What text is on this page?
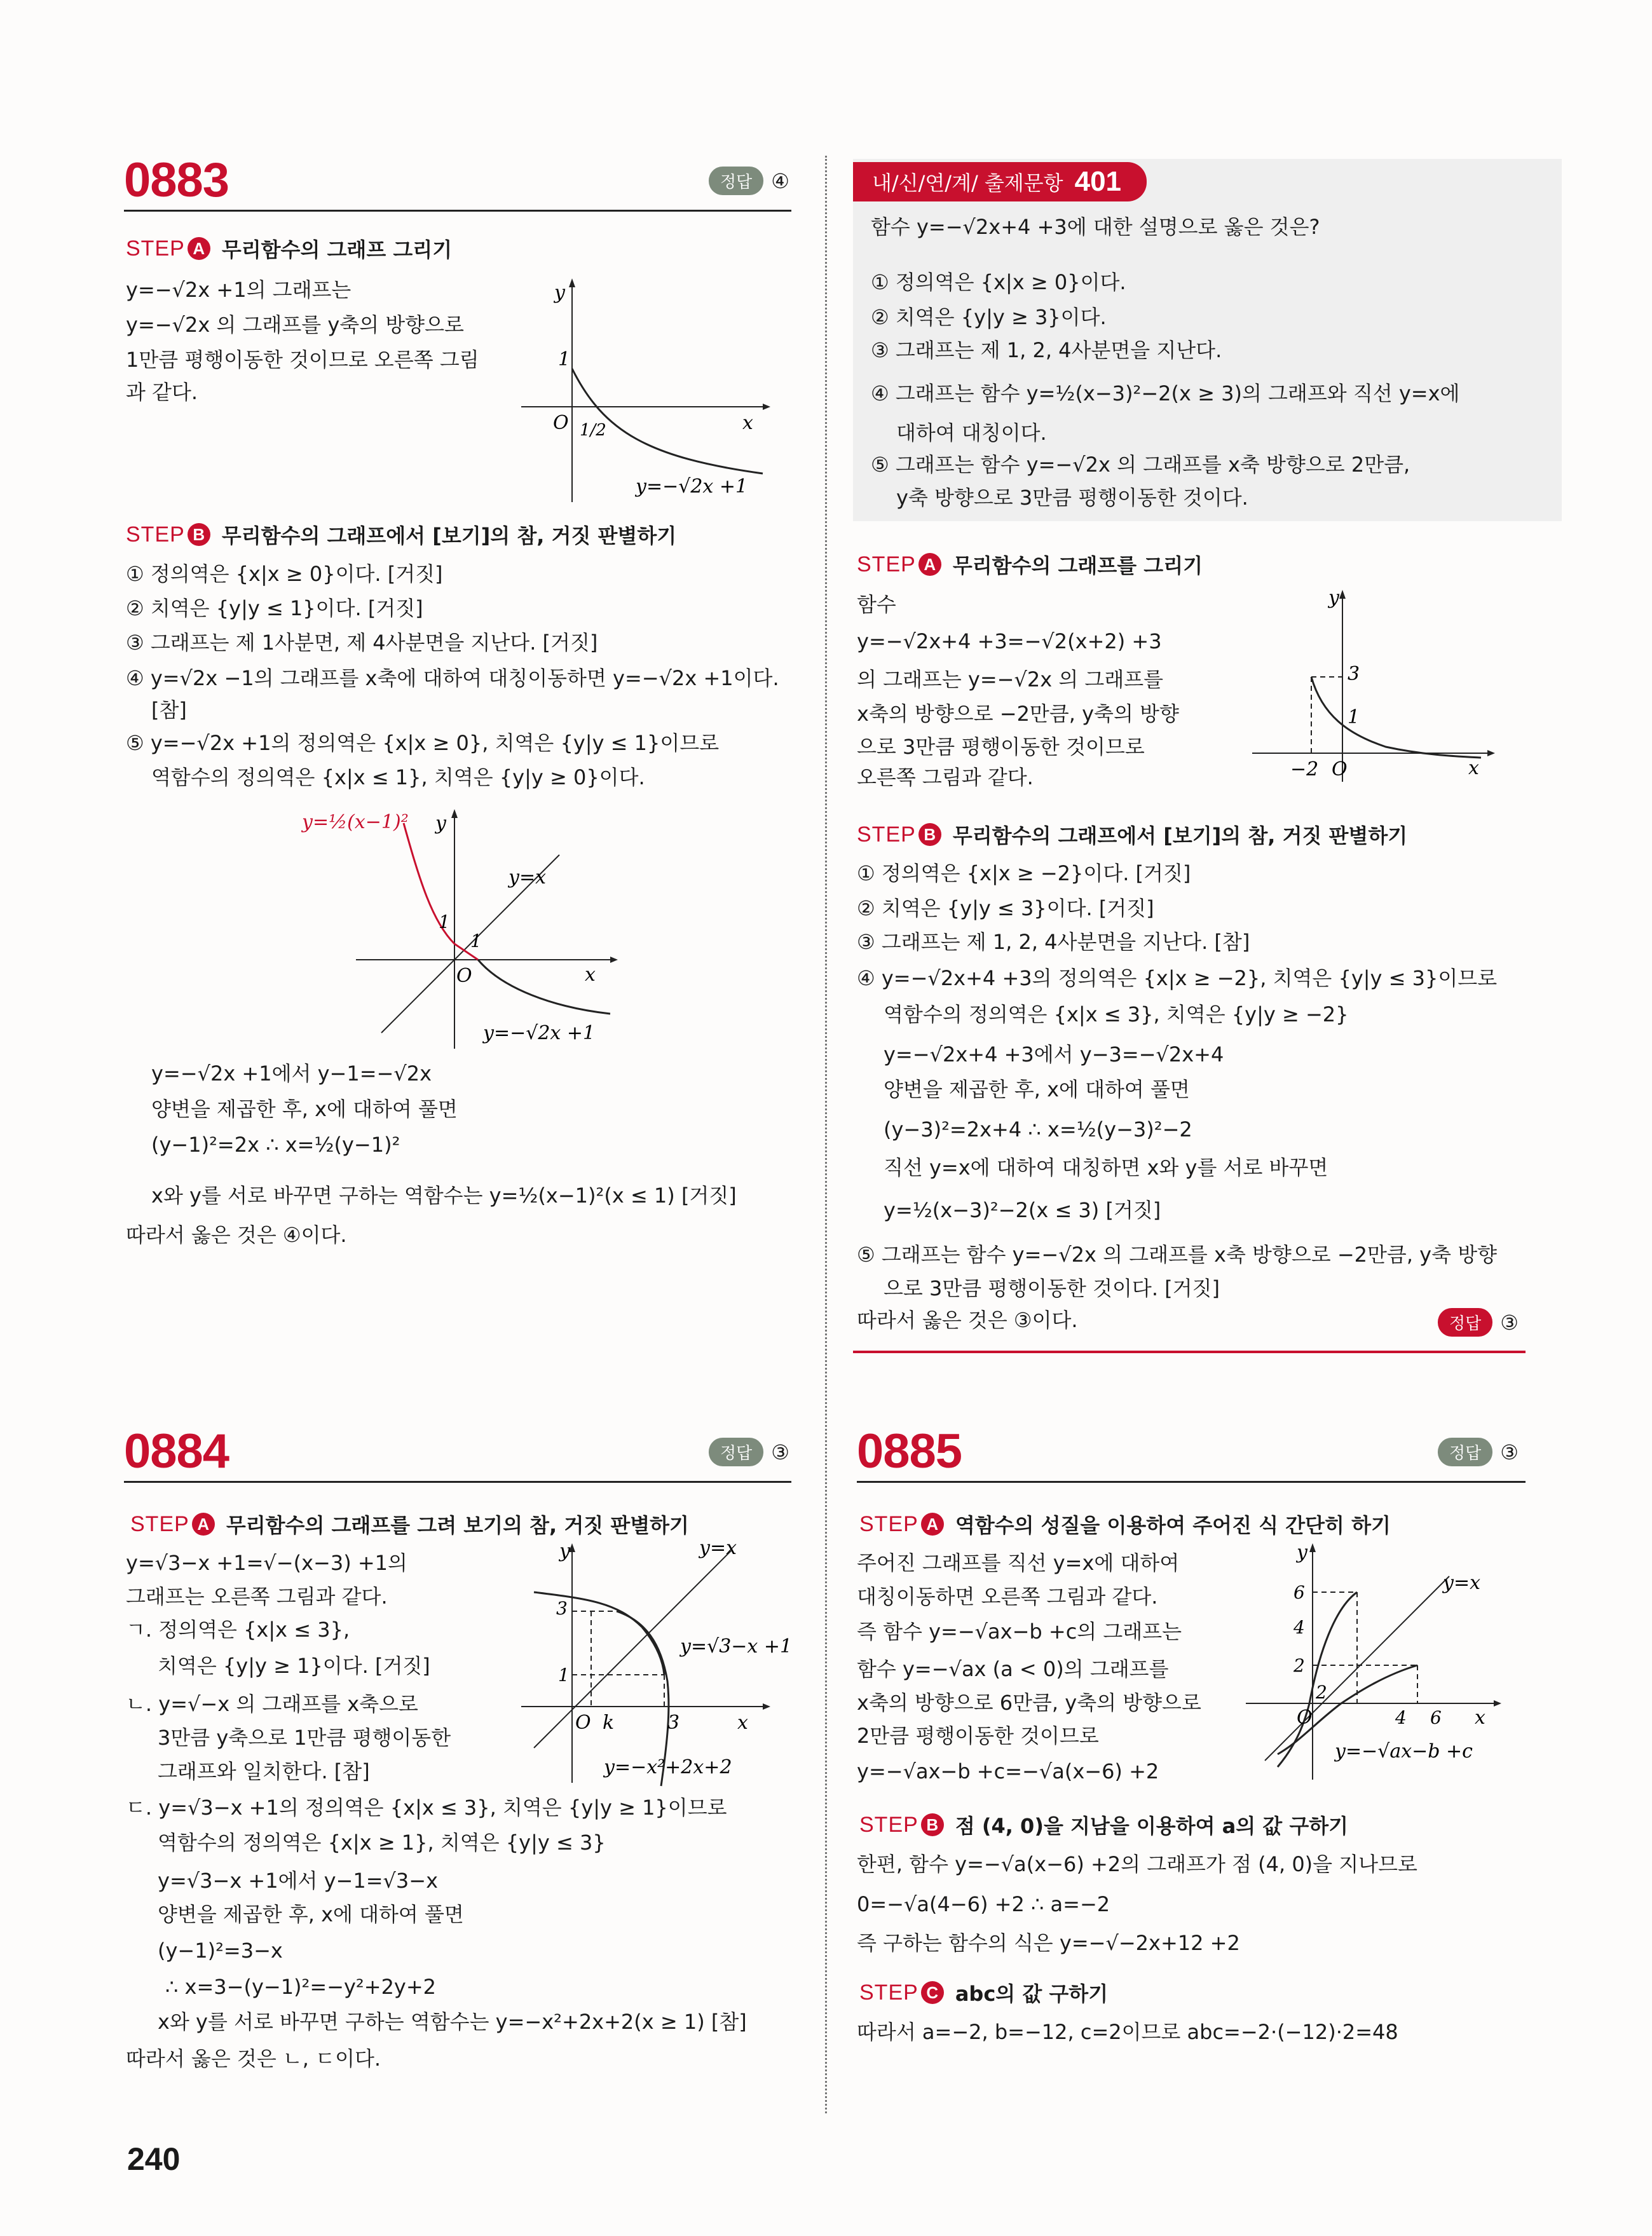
0883	정답 ④
STEP A 무리함수의 그래프 그리기
y=−√2x +1의 그래프는
y=−√2x 의 그래프를 y축의 방향으로
1만큼 평행이동한 것이므로 오른쪽 그림
과 같다.
y
x
O
1
1/2
y=−√2x +1
STEP B 무리함수의 그래프에서 [보기]의 참, 거짓 판별하기
① 정의역은 {x|x ≥ 0}이다. [거짓]
② 치역은 {y|y ≤ 1}이다. [거짓]
③ 그래프는 제 1사분면, 제 4사분면을 지난다. [거짓]
④ y=√2x −1의 그래프를 x축에 대하여 대칭이동하면 y=−√2x +1이다.
[참]
⑤ y=−√2x +1의 정의역은 {x|x ≥ 0}, 치역은 {y|y ≤ 1}이므로
역함수의 정의역은 {x|x ≤ 1}, 치역은 {y|y ≥ 0}이다.
y=½(x−1)² y
y=x
1
1
O	x
y=−√2x +1
y=−√2x +1에서 y−1=−√2x
양변을 제곱한 후, x에 대하여 풀면
(y−1)²=2x ∴ x=½(y−1)²
x와 y를 서로 바꾸면 구하는 역함수는 y=½(x−1)²(x ≤ 1) [거짓]
따라서 옳은 것은 ④이다.
내/신/연/계/ 출제문항 401
함수 y=−√2x+4 +3에 대한 설명으로 옳은 것은?
① 정의역은 {x|x ≥ 0}이다.
② 치역은 {y|y ≥ 3}이다.
③ 그래프는 제 1, 2, 4사분면을 지난다.
④ 그래프는 함수 y=½(x−3)²−2(x ≥ 3)의 그래프와 직선 y=x에
대하여 대칭이다.
⑤ 그래프는 함수 y=−√2x 의 그래프를 x축 방향으로 2만큼,
y축 방향으로 3만큼 평행이동한 것이다.
STEP A 무리함수의 그래프를 그리기
함수
y=−√2x+4 +3=−√2(x+2) +3
의 그래프는 y=−√2x 의 그래프를
x축의 방향으로 −2만큼, y축의 방향
으로 3만큼 평행이동한 것이므로
오른쪽 그림과 같다.
y
x
3
1
−2 O
STEP B 무리함수의 그래프에서 [보기]의 참, 거짓 판별하기
① 정의역은 {x|x ≥ −2}이다. [거짓]
② 치역은 {y|y ≤ 3}이다. [거짓]
③ 그래프는 제 1, 2, 4사분면을 지난다. [참]
④ y=−√2x+4 +3의 정의역은 {x|x ≥ −2}, 치역은 {y|y ≤ 3}이므로
역함수의 정의역은 {x|x ≤ 3}, 치역은 {y|y ≥ −2}
y=−√2x+4 +3에서 y−3=−√2x+4
양변을 제곱한 후, x에 대하여 풀면
(y−3)²=2x+4 ∴ x=½(y−3)²−2
직선 y=x에 대하여 대칭하면 x와 y를 서로 바꾸면
y=½(x−3)²−2(x ≤ 3) [거짓]
⑤ 그래프는 함수 y=−√2x 의 그래프를 x축 방향으로 −2만큼, y축 방향
으로 3만큼 평행이동한 것이다. [거짓]
따라서 옳은 것은 ③이다.	정답 ③
0884	정답 ③
STEP A 무리함수의 그래프를 그려 보기의 참, 거짓 판별하기
y=√3−x +1=√−(x−3) +1의
그래프는 오른쪽 그림과 같다.
ㄱ. 정의역은 {x|x ≤ 3},
치역은 {y|y ≥ 1}이다. [거짓]
ㄴ. y=√−x 의 그래프를 x축으로
3만큼 y축으로 1만큼 평행이동한
그래프와 일치한다. [참]
ㄷ. y=√3−x +1의 정의역은 {x|x ≤ 3}, 치역은 {y|y ≥ 1}이므로
역함수의 정의역은 {x|x ≥ 1}, 치역은 {y|y ≤ 3}
y=√3−x +1에서 y−1=√3−x
양변을 제곱한 후, x에 대하여 풀면
(y−1)²=3−x
∴ x=3−(y−1)²=−y²+2y+2
x와 y를 서로 바꾸면 구하는 역함수는 y=−x²+2x+2(x ≥ 1) [참]
따라서 옳은 것은 ㄴ, ㄷ이다.
y	y=x
3
y=√3−x +1
1
O k	3	x
y=−x²+2x+2
0885	정답 ③
STEP A 역함수의 성질을 이용하여 주어진 식 간단히 하기
주어진 그래프를 직선 y=x에 대하여
대칭이동하면 오른쪽 그림과 같다.
즉 함수 y=−√ax−b +c의 그래프는
함수 y=−√ax (a < 0)의 그래프를
x축의 방향으로 6만큼, y축의 방향으로
2만큼 평행이동한 것이므로
y=−√ax−b +c=−√a(x−6) +2
y
6
4
y=x
2
2
O	4 6 x
y=−√ax−b +c
STEP B 점 (4, 0)을 지남을 이용하여 a의 값 구하기
한편, 함수 y=−√a(x−6) +2의 그래프가 점 (4, 0)을 지나므로
0=−√a(4−6) +2 ∴ a=−2
즉 구하는 함수의 식은 y=−√−2x+12 +2
STEP C abc의 값 구하기
따라서 a=−2, b=−12, c=2이므로 abc=−2·(−12)·2=48
240
